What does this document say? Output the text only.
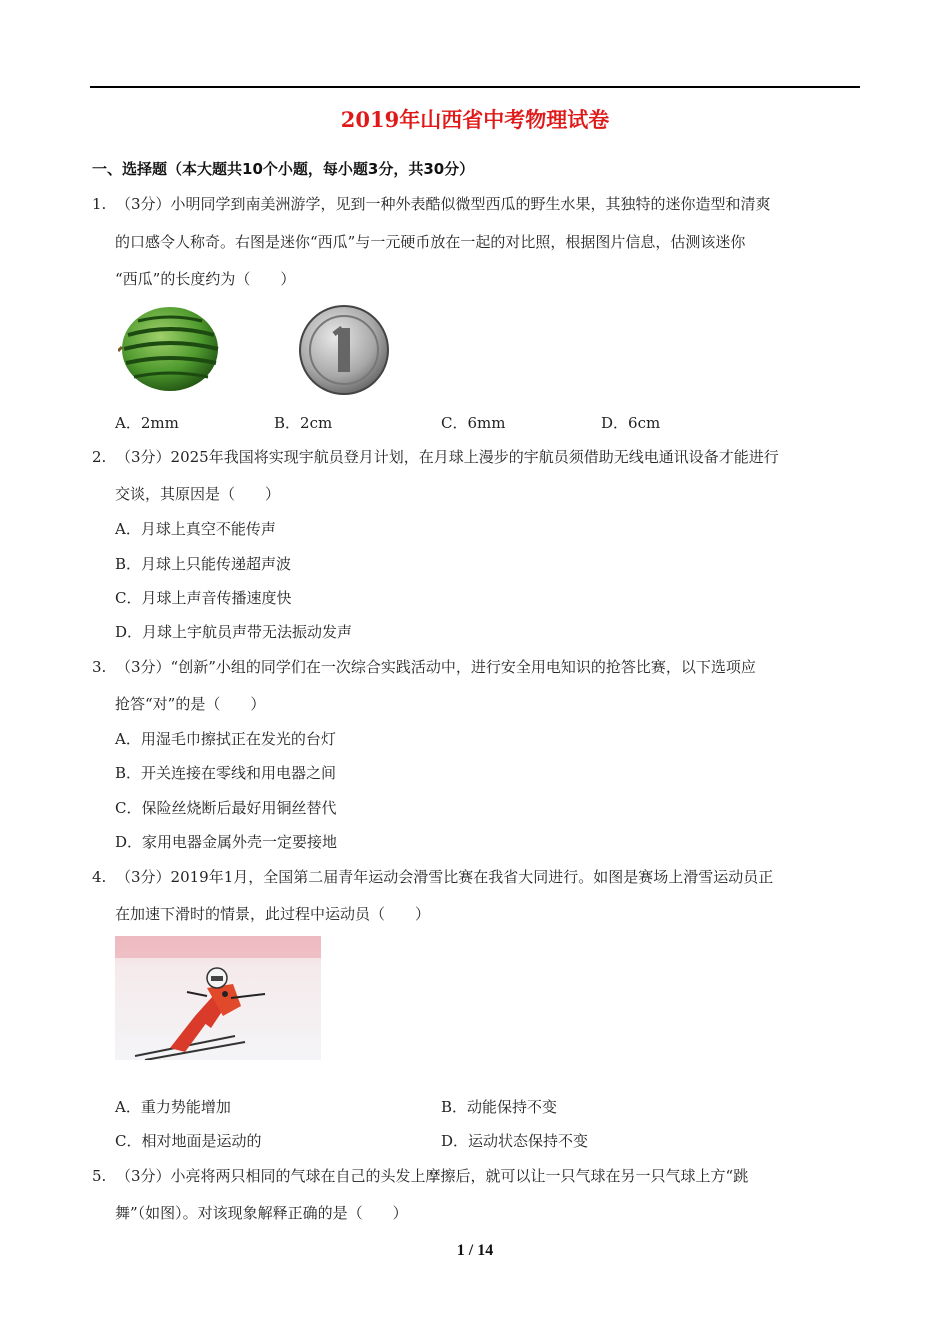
2019年山西省中考物理试卷
一、选择题（本大题共10个小题，每小题3分，共30分）
1. （3分）小明同学到南美洲游学，见到一种外表酷似微型西瓜的野生水果，其独特的迷你造型和清爽
的口感令人称奇。右图是迷你“西瓜”与一元硬币放在一起的对比照，根据图片信息，估测该迷你
“西瓜”的长度约为（　　）
A．2mm	B．2cm	C．6mm	D．6cm
2. （3分）2025年我国将实现宇航员登月计划，在月球上漫步的宇航员须借助无线电通讯设备才能进行
交谈，其原因是（　　）
A．月球上真空不能传声
B．月球上只能传递超声波
C．月球上声音传播速度快
D．月球上宇航员声带无法振动发声
3. （3分）“创新”小组的同学们在一次综合实践活动中，进行安全用电知识的抢答比赛，以下选项应
抢答“对”的是（　　）
A．用湿毛巾擦拭正在发光的台灯
B．开关连接在零线和用电器之间
C．保险丝烧断后最好用铜丝替代
D．家用电器金属外壳一定要接地
4. （3分）2019年1月，全国第二届青年运动会滑雪比赛在我省大同进行。如图是赛场上滑雪运动员正
在加速下滑时的情景，此过程中运动员（　　）
A．重力势能增加	B．动能保持不变
C．相对地面是运动的	D．运动状态保持不变
5. （3分）小亮将两只相同的气球在自己的头发上摩擦后，就可以让一只气球在另一只气球上方“跳
舞”（如图）。对该现象解释正确的是（　　）
1 / 14
